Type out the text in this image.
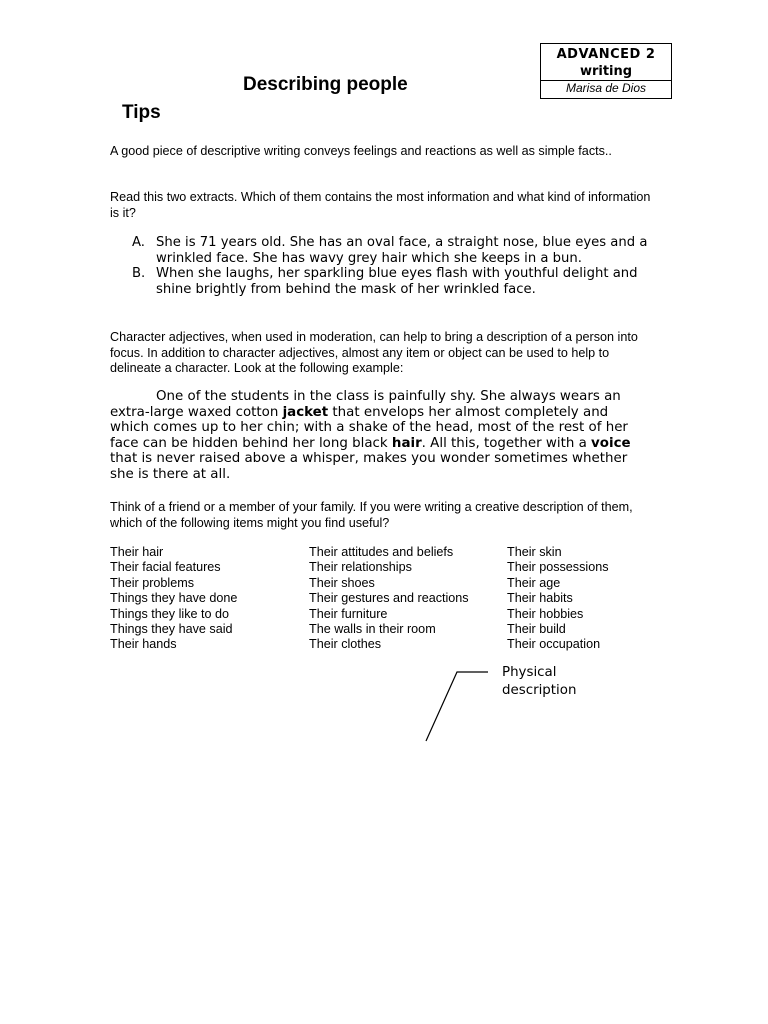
ADVANCED 2
writing
Marisa de Dios
Describing people
Tips
A good piece of descriptive writing conveys feelings and reactions as well as simple facts..
Read this two extracts. Which of them contains the most information and what kind of information is it?
A. She is 71 years old. She has an oval face, a straight nose, blue eyes and a wrinkled face. She has wavy grey hair which she keeps in a bun.
B. When she laughs, her sparkling blue eyes flash with youthful delight and shine brightly from behind the mask of her wrinkled face.
Character adjectives, when used in moderation, can help to bring a description of a person into focus. In addition to character adjectives, almost any item or object can be used to help to delineate a character. Look at the following example:
One of the students in the class is painfully shy. She always wears an extra-large waxed cotton jacket that envelops her almost completely and which comes up to her chin; with a shake of the head, most of the rest of her face can be hidden behind her long black hair. All this, together with a voice that is never raised above a whisper, makes you wonder sometimes whether she is there at all.
Think of a friend or a member of your family. If you were writing a creative description of them, which of the following items might you find useful?
Their hair
Their facial features
Their problems
Things they have done
Things they like to do
Things they have said
Their hands
Their attitudes and beliefs
Their relationships
Their shoes
Their gestures and reactions
Their furniture
The walls in their room
Their clothes
Their skin
Their possessions
Their age
Their habits
Their hobbies
Their build
Their occupation
Physical
description
